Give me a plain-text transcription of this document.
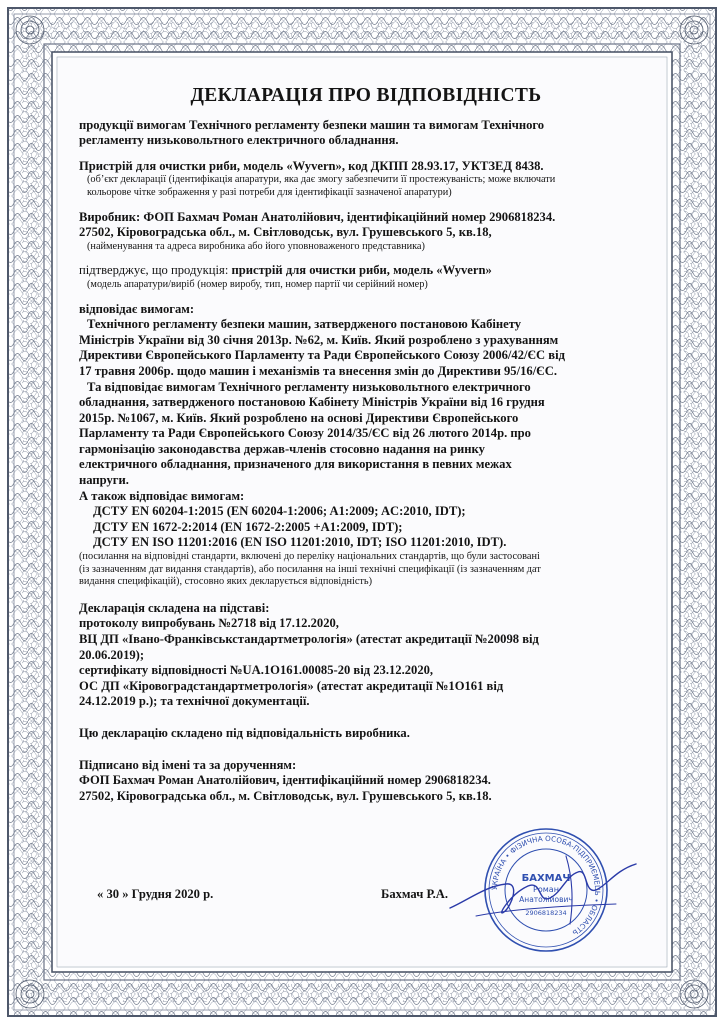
ДЕКЛАРАЦІЯ ПРО ВІДПОВІДНІСТЬ
продукції вимогам Технічного регламенту безпеки машин та вимогам Технічного
регламенту низьковольтного електричного обладнання.
Пристрій для очистки риби, модель «Wyvern», код ДКПП 28.93.17, УКТЗЕД 8438.
(об’єкт декларації (ідентифікація апаратури, яка дає змогу забезпечити її простежуваність; може включати
кольорове чітке зображення у разі потреби для ідентифікації зазначеної апаратури)
Виробник: ФОП Бахмач Роман Анатолійович, ідентифікаційний номер 2906818234.
27502, Кіровоградська обл., м. Світловодськ, вул. Грушевського 5, кв.18,
(найменування та адреса виробника або його уповноваженого представника)
підтверджує, що продукція: пристрій для очистки риби, модель «Wyvern»
(модель апаратури/виріб (номер виробу, тип, номер партії чи серійний номер)
відповідає вимогам:
Технічного регламенту безпеки машин, затвердженого постановою Кабінету
Міністрів України від 30 січня 2013р. №62, м. Київ. Який розроблено з урахуванням
Директиви Європейського Парламенту та Ради Європейського Союзу 2006/42/ЄС від
17 травня 2006р. щодо машин і механізмів та внесення змін до Директиви 95/16/ЄС.
Та відповідає вимогам Технічного регламенту низьковольтного електричного
обладнання, затвердженого постановою Кабінету Міністрів України від 16 грудня
2015р. №1067, м. Київ. Який розроблено на основі Директиви Європейського
Парламенту та Ради Європейського Союзу 2014/35/ЄС від 26 лютого 2014р. про
гармонізацію законодавства держав-членів стосовно надання на ринку
електричного обладнання, призначеного для використання в певних межах
напруги.
А також відповідає вимогам:
ДСТУ EN 60204-1:2015 (EN 60204-1:2006; A1:2009; AC:2010, IDT);
ДСТУ EN 1672-2:2014 (EN 1672-2:2005 +A1:2009, IDT);
ДСТУ EN ISO 11201:2016 (EN ISO 11201:2010, IDT; ISO 11201:2010, IDT).
(посилання на відповідні стандарти, включені до переліку національних стандартів, що були застосовані
(із зазначенням дат видання стандартів), або посилання на інші технічні специфікації (із зазначенням дат
видання специфікацій), стосовно яких декларується відповідність)
Декларація складена на підставі:
протоколу випробувань №2718 від 17.12.2020,
ВЦ ДП «Івано-Франківськстандартметрологія» (атестат акредитації №20098 від
20.06.2019);
сертифікату відповідності №UA.1O161.00085-20 від 23.12.2020,
ОС ДП «Кіровоградстандартметрологія» (атестат акредитації №1О161 від
24.12.2019 р.); та технічної документації.
Цю декларацію складено під відповідальність виробника.
Підписано від імені та за дорученням:
ФОП Бахмач Роман Анатолійович, ідентифікаційний номер 2906818234.
27502, Кіровоградська обл., м. Світловодськ, вул. Грушевського 5, кв.18.
« 30 » Грудня 2020 р.	Бахмач Р.А.	УКРАЇНА • ФІЗИЧНА ОСОБА-ПІДПРИЄМЕЦЬ • ОБЛАСТЬ
БАХМАЧ
Роман
Анатолійович
2906818234
